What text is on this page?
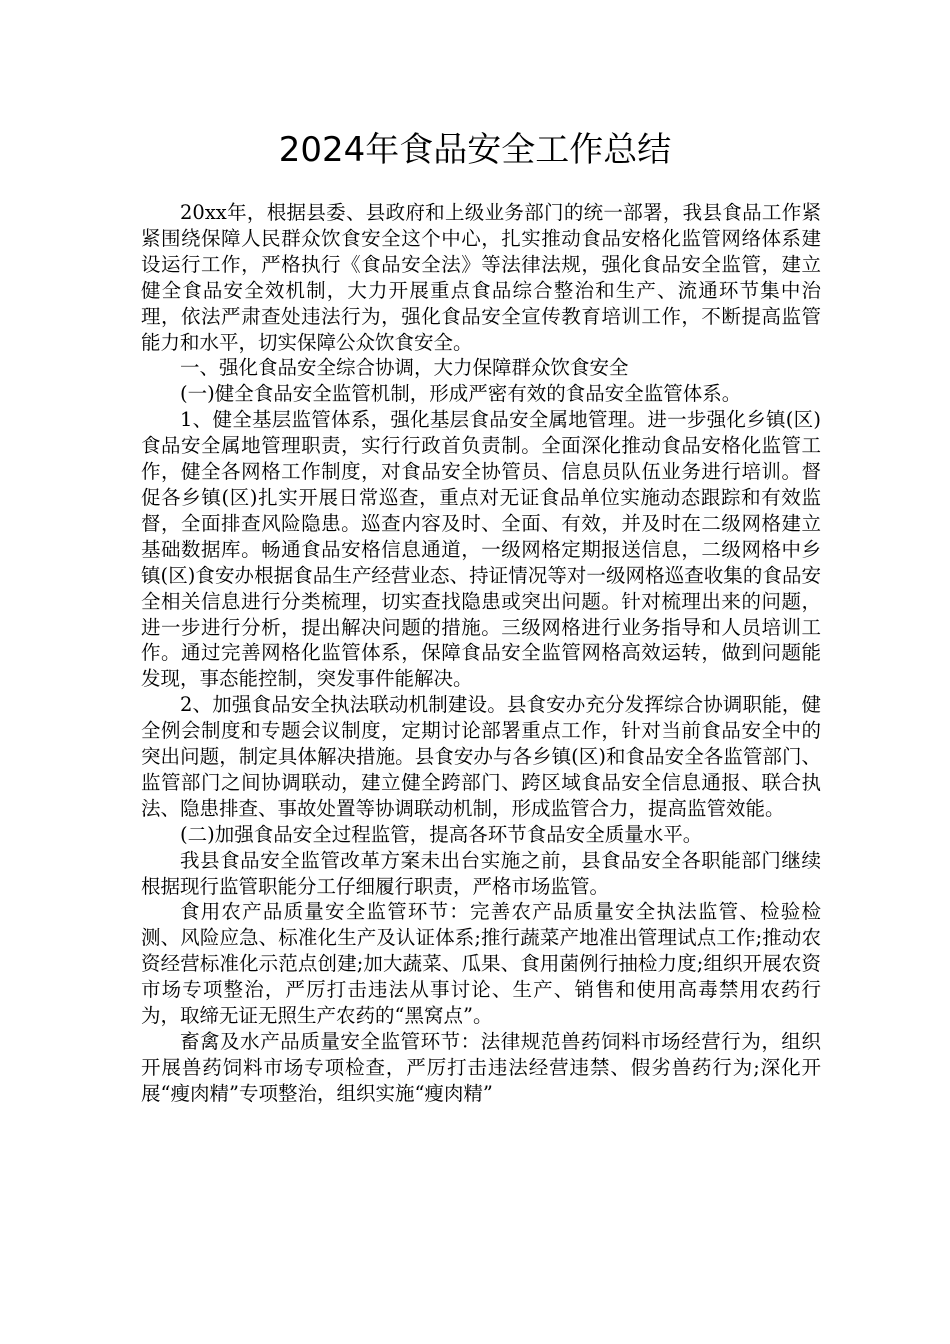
2024年食品安全工作总结

20xx年，根据县委、县政府和上级业务部门的统一部署，我县食品工作紧紧围绕保障人民群众饮食安全这个中心，扎实推动食品安格化监管网络体系建设运行工作，严格执行《食品安全法》等法律法规，强化食品安全监管，建立健全食品安全效机制，大力开展重点食品综合整治和生产、流通环节集中治理，依法严肃查处违法行为，强化食品安全宣传教育培训工作，不断提高监管能力和水平，切实保障公众饮食安全。

一、强化食品安全综合协调，大力保障群众饮食安全

(一)健全食品安全监管机制，形成严密有效的食品安全监管体系。

1、健全基层监管体系，强化基层食品安全属地管理。进一步强化乡镇(区)食品安全属地管理职责，实行行政首负责制。全面深化推动食品安格化监管工作，健全各网格工作制度，对食品安全协管员、信息员队伍业务进行培训。督促各乡镇(区)扎实开展日常巡查，重点对无证食品单位实施动态跟踪和有效监督，全面排查风险隐患。巡查内容及时、全面、有效，并及时在二级网格建立基础数据库。畅通食品安格信息通道，一级网格定期报送信息，二级网格中乡镇(区)食安办根据食品生产经营业态、持证情况等对一级网格巡查收集的食品安全相关信息进行分类梳理，切实查找隐患或突出问题。针对梳理出来的问题，进一步进行分析，提出解决问题的措施。三级网格进行业务指导和人员培训工作。通过完善网格化监管体系，保障食品安全监管网格高效运转，做到问题能发现，事态能控制，突发事件能解决。

2、加强食品安全执法联动机制建设。县食安办充分发挥综合协调职能，健全例会制度和专题会议制度，定期讨论部署重点工作，针对当前食品安全中的突出问题，制定具体解决措施。县食安办与各乡镇(区)和食品安全各监管部门、监管部门之间协调联动，建立健全跨部门、跨区域食品安全信息通报、联合执法、隐患排查、事故处置等协调联动机制，形成监管合力，提高监管效能。

(二)加强食品安全过程监管，提高各环节食品安全质量水平。

我县食品安全监管改革方案未出台实施之前，县食品安全各职能部门继续根据现行监管职能分工仔细履行职责，严格市场监管。

食用农产品质量安全监管环节：完善农产品质量安全执法监管、检验检测、风险应急、标准化生产及认证体系;推行蔬菜产地准出管理试点工作;推动农资经营标准化示范点创建;加大蔬菜、瓜果、食用菌例行抽检力度;组织开展农资市场专项整治，严厉打击违法从事讨论、生产、销售和使用高毒禁用农药行为，取缔无证无照生产农药的“黑窝点”。

畜禽及水产品质量安全监管环节：法律规范兽药饲料市场经营行为，组织开展兽药饲料市场专项检查，严厉打击违法经营违禁、假劣兽药行为;深化开展“瘦肉精”专项整治，组织实施“瘦肉精”
